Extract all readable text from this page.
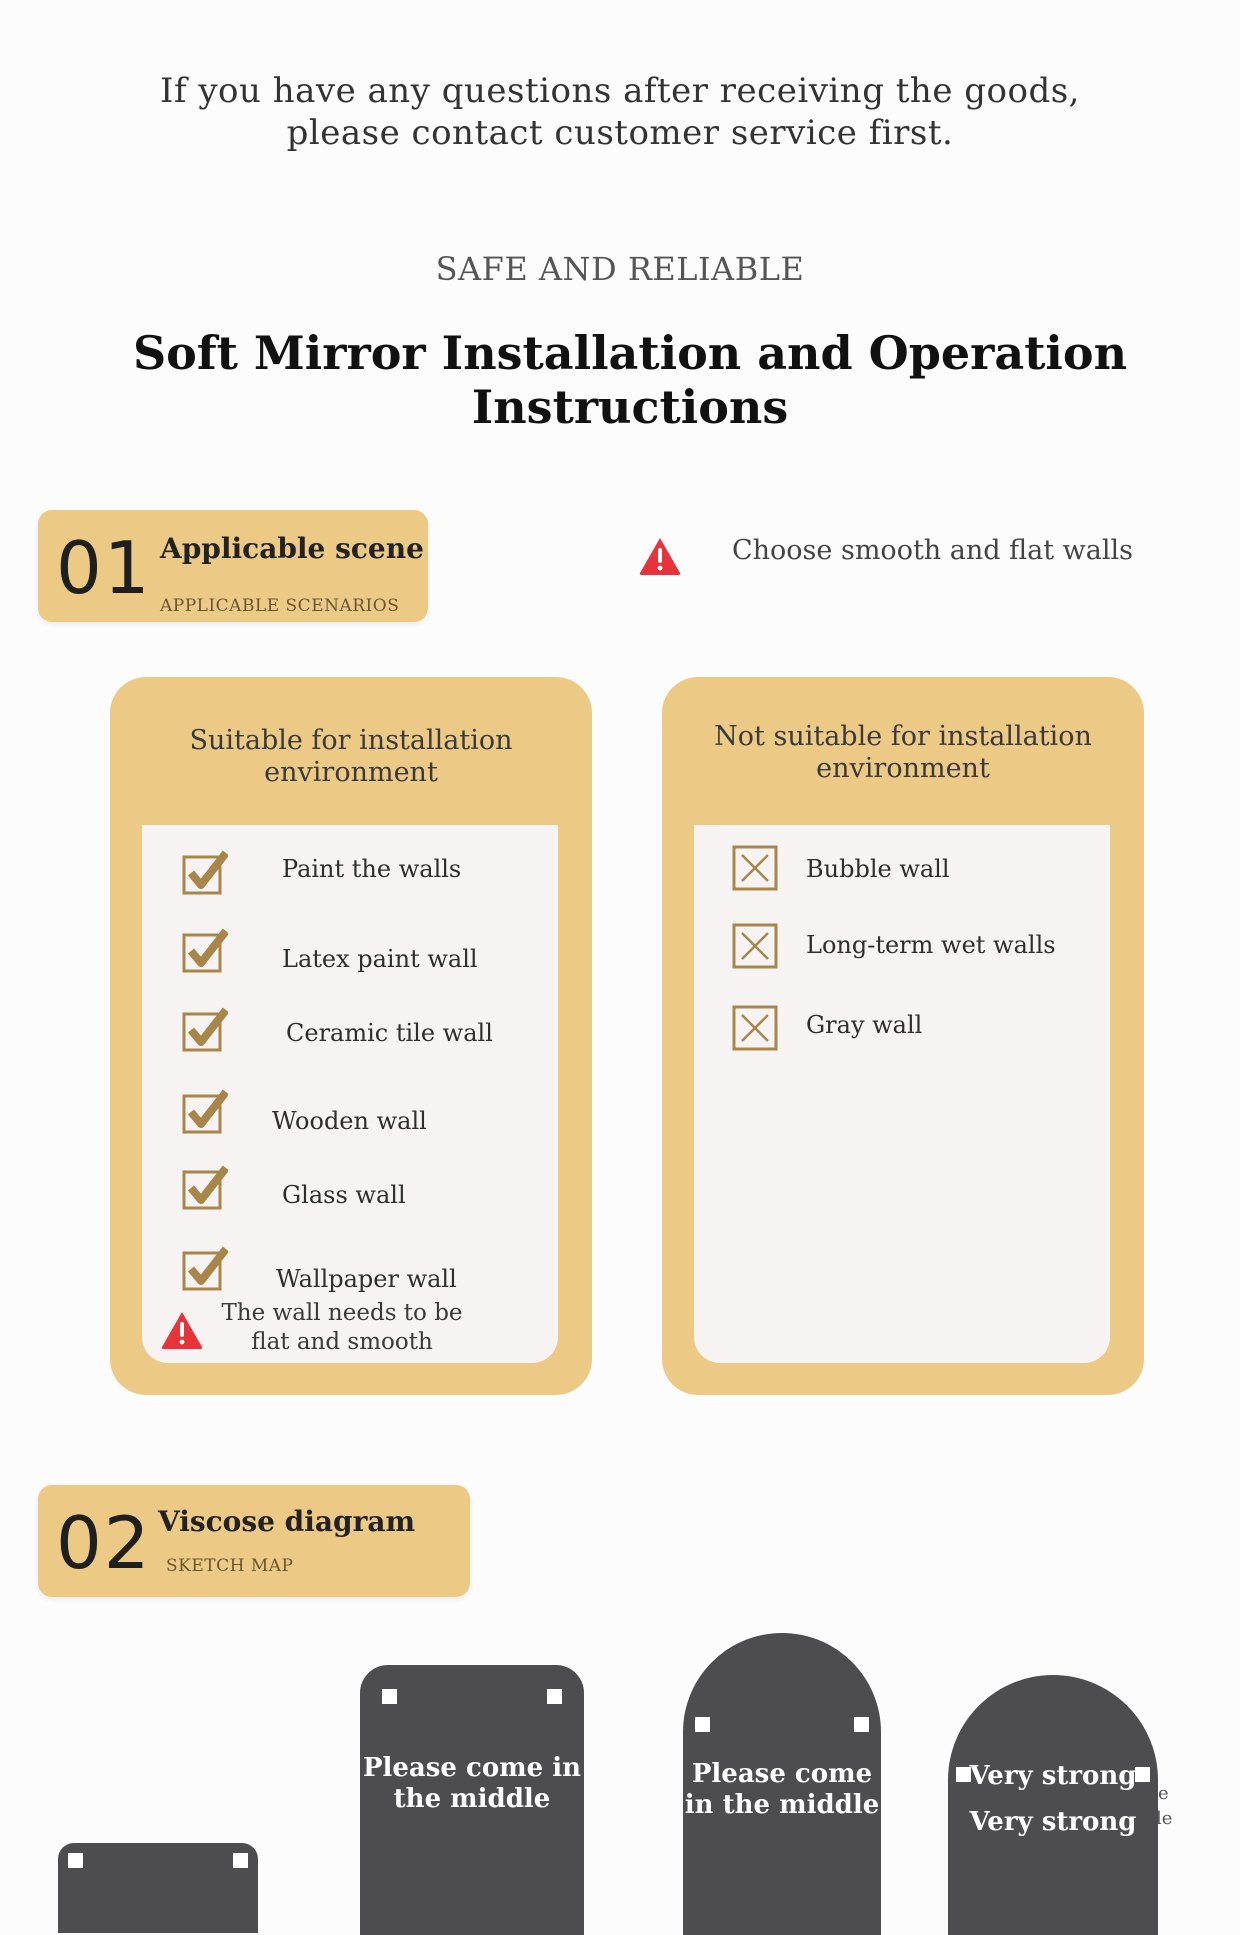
If you have any questions after receiving the goods,
please contact customer service first.
SAFE AND RELIABLE
Soft Mirror Installation and Operation Instructions
01 Applicable scene
APPLICABLE SCENARIOS
Choose smooth and flat walls
Suitable for installation
environment
Paint the walls
Latex paint wall
Ceramic tile wall
Wooden wall
Glass wall
Wallpaper wall
The wall needs to be
flat and smooth
Not suitable for installation
environment
Bubble wall
Long-term wet walls
Gray wall
02 Viscose diagram
SKETCH MAP
Please come in
the middle
Please come
in the middle
Very strong
Very strong
e
le
